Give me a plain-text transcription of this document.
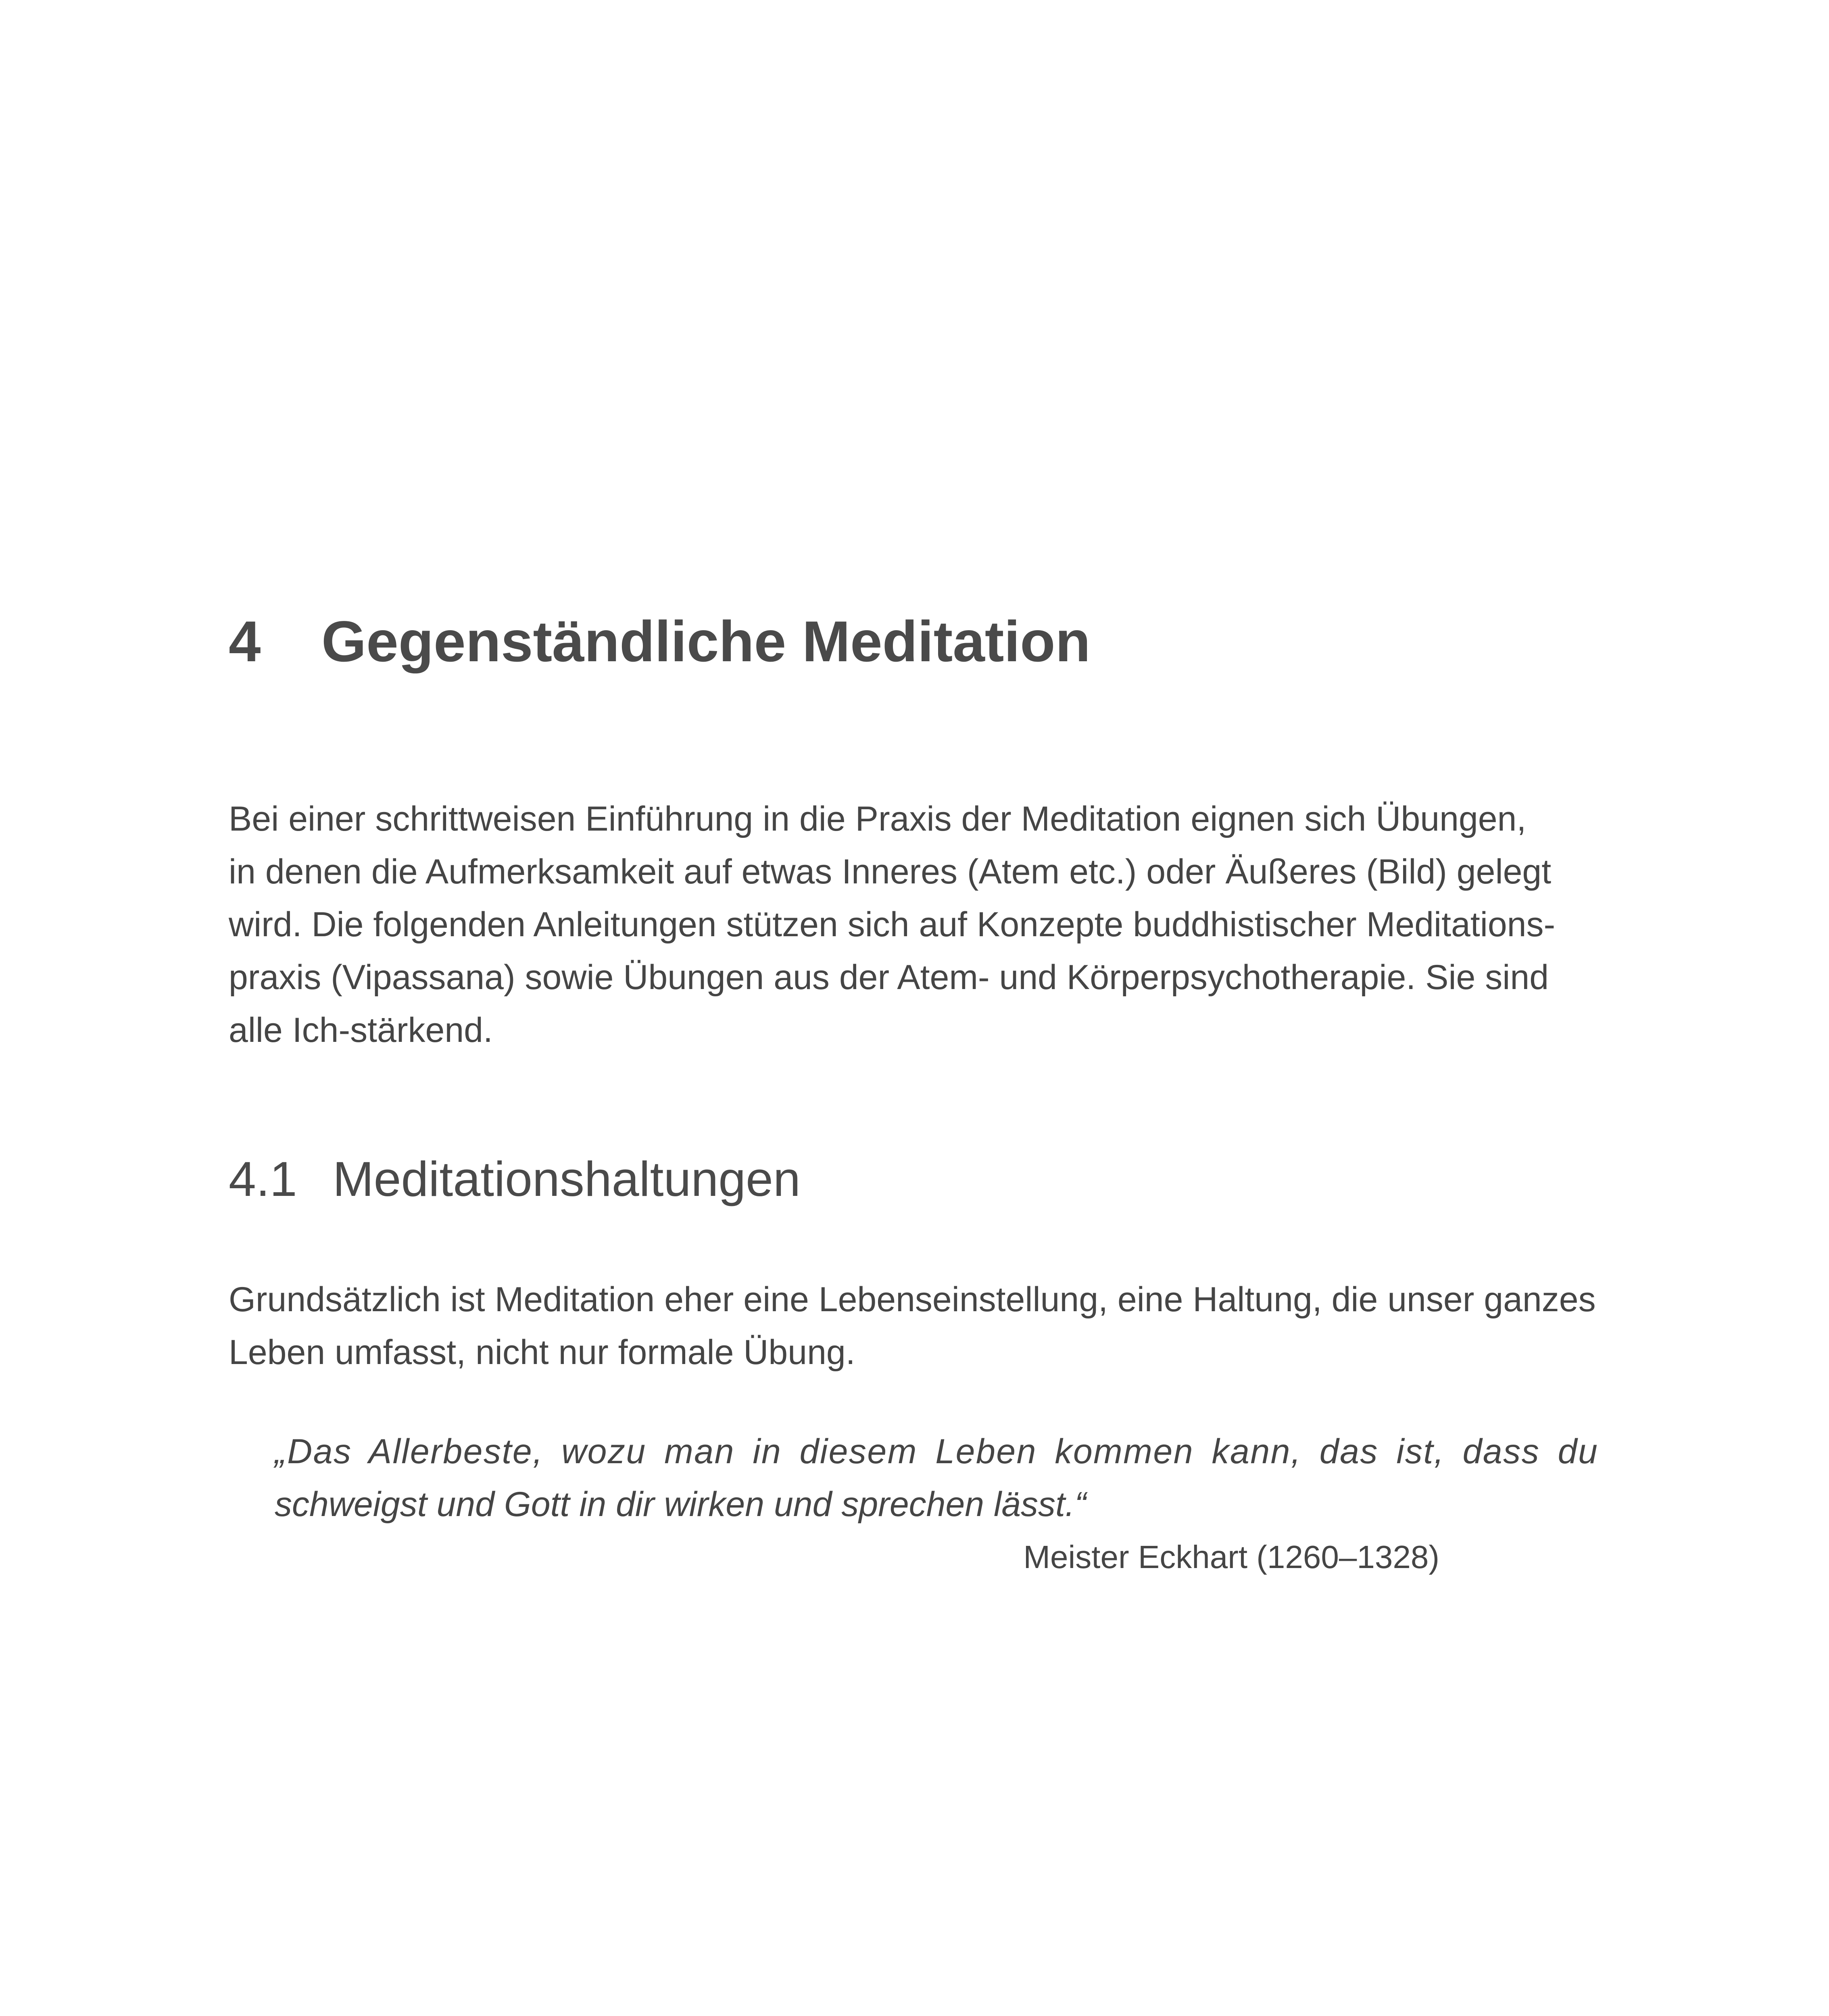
4 Gegenständliche Meditation

Bei einer schrittweisen Einführung in die Praxis der Meditation eignen sich Übungen,
in denen die Aufmerksamkeit auf etwas Inneres (Atem etc.) oder Äußeres (Bild) gelegt
wird. Die folgenden Anleitungen stützen sich auf Konzepte buddhistischer Meditations-
praxis (Vipassana) sowie Übungen aus der Atem- und Körperpsychotherapie. Sie sind
alle Ich-stärkend.

4.1 Meditationshaltungen

Grundsätzlich ist Meditation eher eine Lebenseinstellung, eine Haltung, die unser ganzes
Leben umfasst, nicht nur formale Übung.

„Das Allerbeste, wozu man in diesem Leben kommen kann, das ist, dass du
schweigst und Gott in dir wirken und sprechen lässt.“

Meister Eckhart (1260–1328)
